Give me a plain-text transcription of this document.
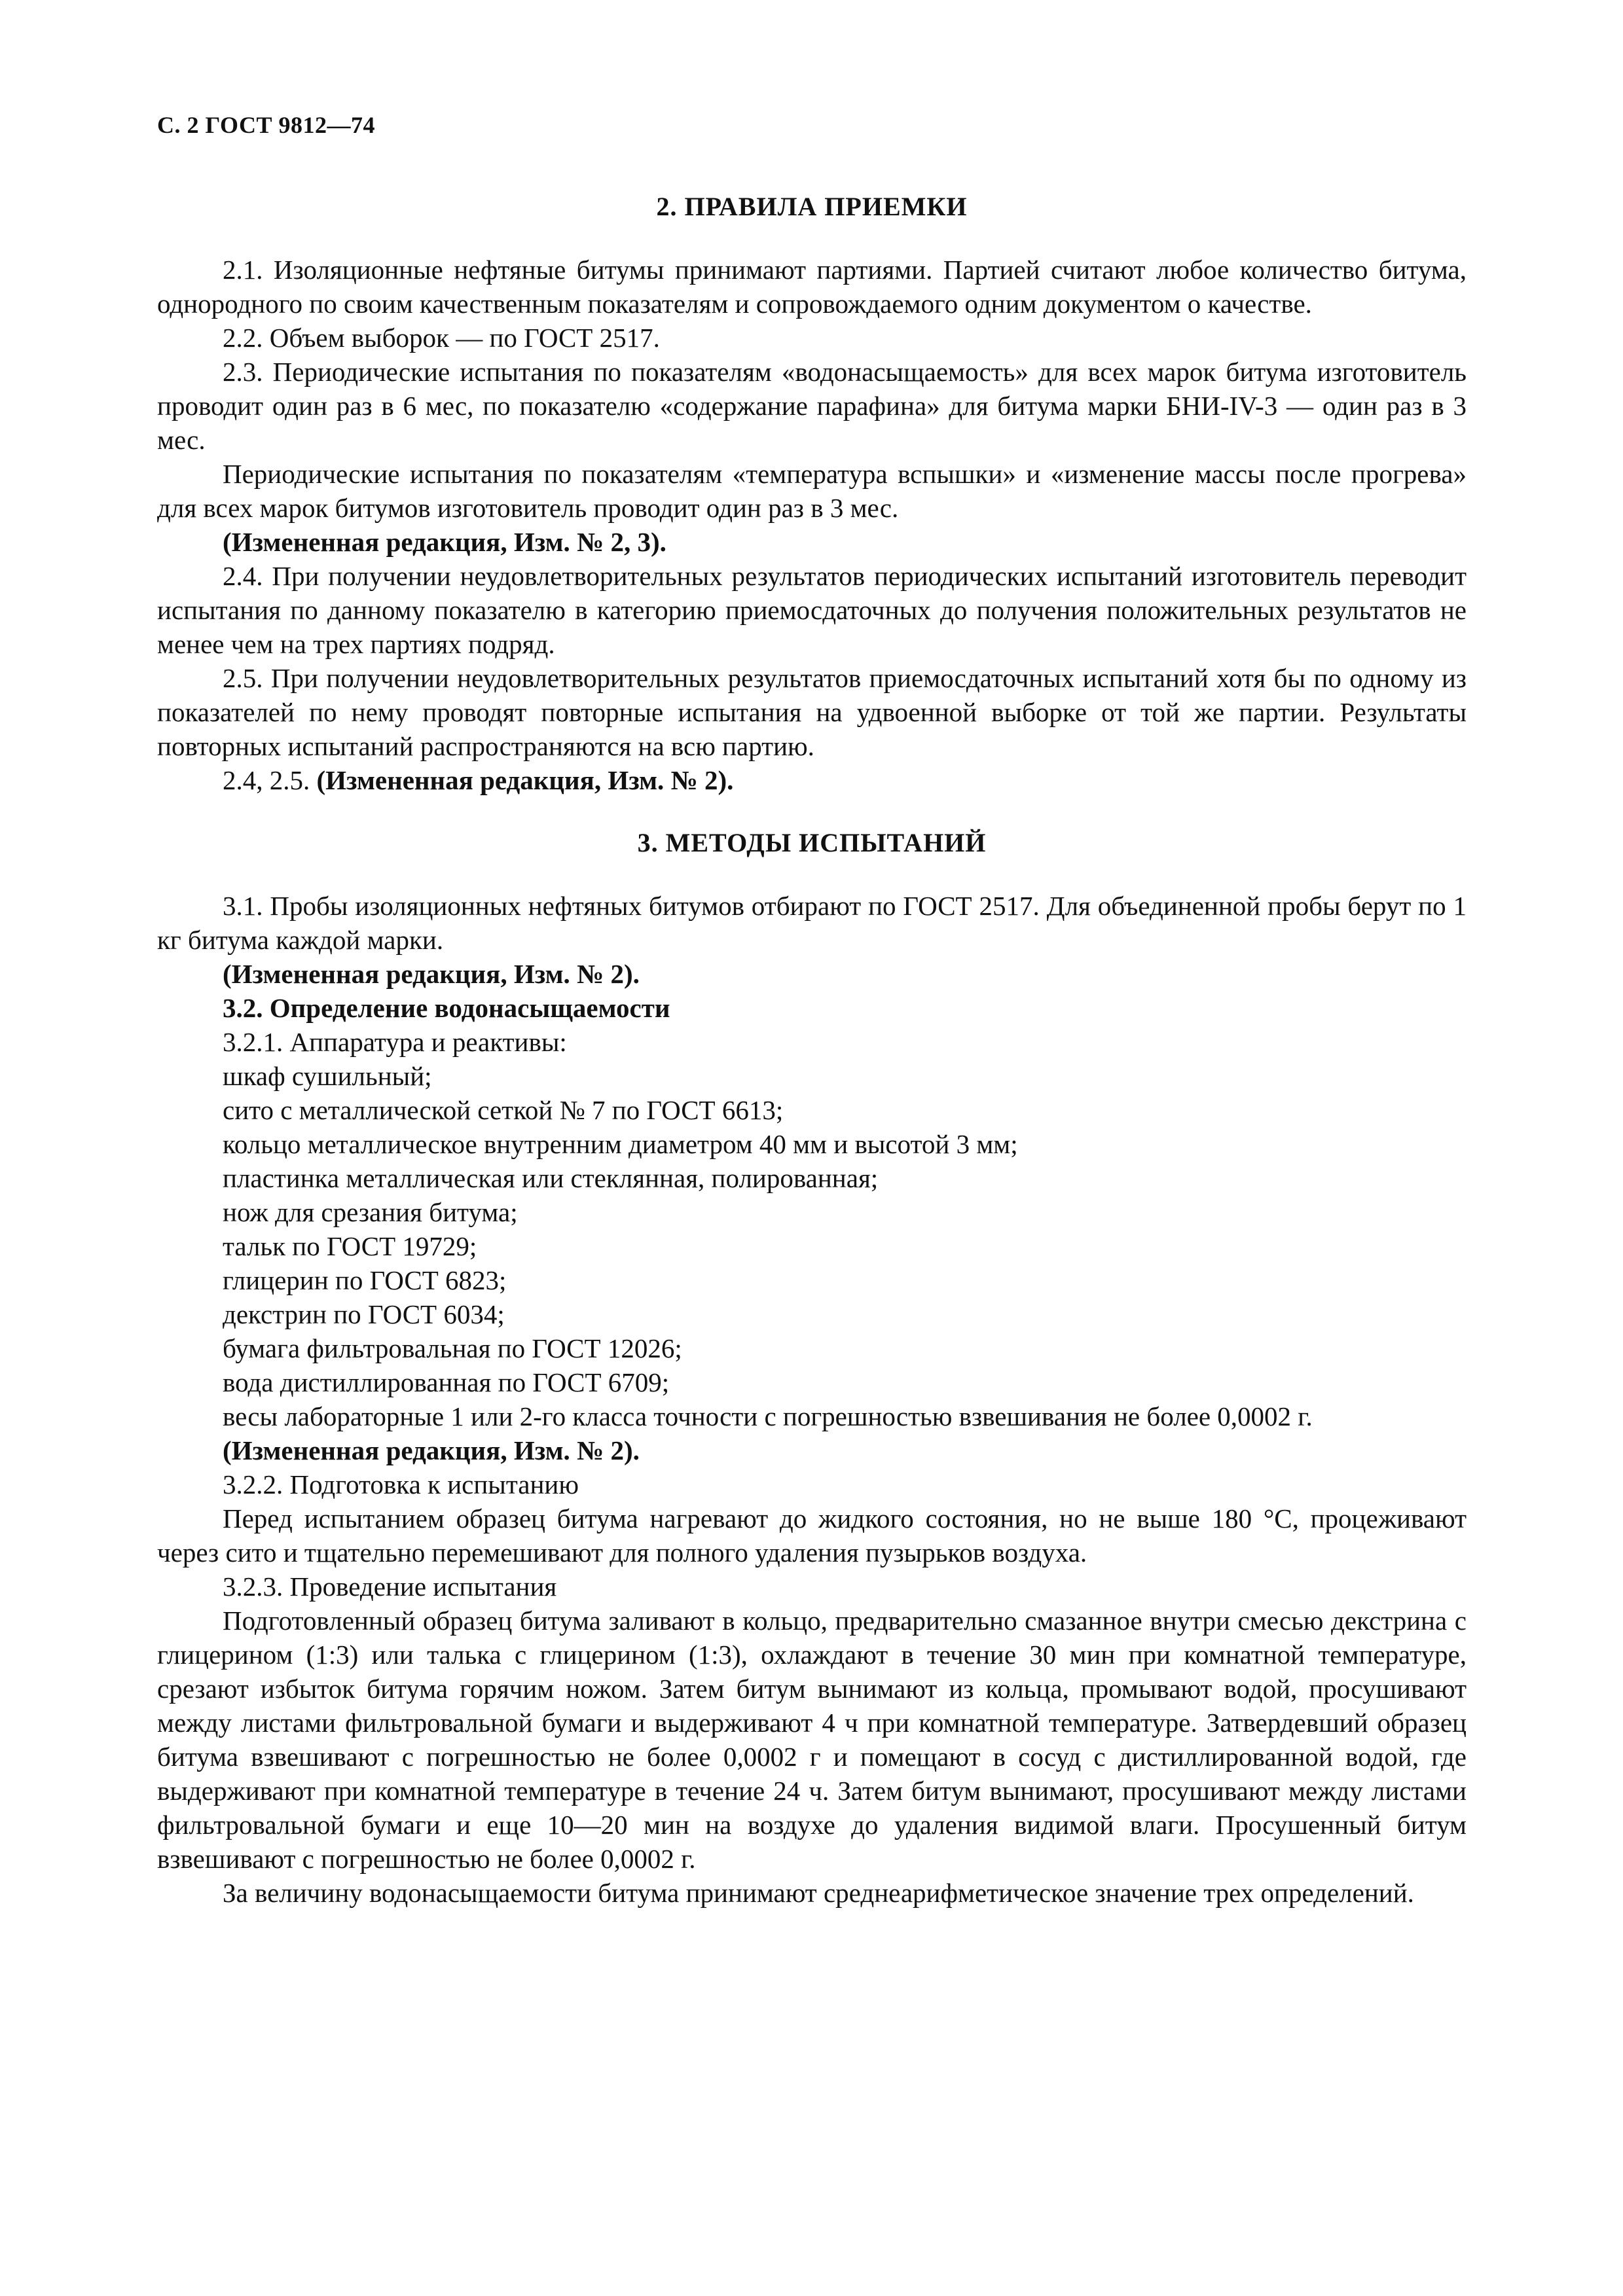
С. 2 ГОСТ 9812—74

2. ПРАВИЛА ПРИЕМКИ

2.1. Изоляционные нефтяные битумы принимают партиями. Партией считают любое количество битума, однородного по своим качественным показателям и сопровождаемого одним документом о качестве.

2.2. Объем выборок — по ГОСТ 2517.

2.3. Периодические испытания по показателям «водонасыщаемость» для всех марок битума изготовитель проводит один раз в 6 мес, по показателю «содержание парафина» для битума марки БНИ-IV-3 — один раз в 3 мес.

Периодические испытания по показателям «температура вспышки» и «изменение массы после прогрева» для всех марок битумов изготовитель проводит один раз в 3 мес.

(Измененная редакция, Изм. № 2, 3).

2.4. При получении неудовлетворительных результатов периодических испытаний изготовитель переводит испытания по данному показателю в категорию приемосдаточных до получения положительных результатов не менее чем на трех партиях подряд.

2.5. При получении неудовлетворительных результатов приемосдаточных испытаний хотя бы по одному из показателей по нему проводят повторные испытания на удвоенной выборке от той же партии. Результаты повторных испытаний распространяются на всю партию.

2.4, 2.5. (Измененная редакция, Изм. № 2).

3. МЕТОДЫ ИСПЫТАНИЙ

3.1. Пробы изоляционных нефтяных битумов отбирают по ГОСТ 2517. Для объединенной пробы берут по 1 кг битума каждой марки.

(Измененная редакция, Изм. № 2).

3.2. Определение водонасыщаемости

3.2.1. Аппаратура и реактивы:

шкаф сушильный;

сито с металлической сеткой № 7 по ГОСТ 6613;

кольцо металлическое внутренним диаметром 40 мм и высотой 3 мм;

пластинка металлическая или стеклянная, полированная;

нож для срезания битума;

тальк по ГОСТ 19729;

глицерин по ГОСТ 6823;

декстрин по ГОСТ 6034;

бумага фильтровальная по ГОСТ 12026;

вода дистиллированная по ГОСТ 6709;

весы лабораторные 1 или 2-го класса точности с погрешностью взвешивания не более 0,0002 г.

(Измененная редакция, Изм. № 2).

3.2.2. Подготовка к испытанию

Перед испытанием образец битума нагревают до жидкого состояния, но не выше 180 °С, процеживают через сито и тщательно перемешивают для полного удаления пузырьков воздуха.

3.2.3. Проведение испытания

Подготовленный образец битума заливают в кольцо, предварительно смазанное внутри смесью декстрина с глицерином (1:3) или талька с глицерином (1:3), охлаждают в течение 30 мин при комнатной температуре, срезают избыток битума горячим ножом. Затем битум вынимают из кольца, промывают водой, просушивают между листами фильтровальной бумаги и выдерживают 4 ч при комнатной температуре. Затвердевший образец битума взвешивают с погрешностью не более 0,0002 г и помещают в сосуд с дистиллированной водой, где выдерживают при комнатной температуре в течение 24 ч. Затем битум вынимают, просушивают между листами фильтровальной бумаги и еще 10—20 мин на воздухе до удаления видимой влаги. Просушенный битум взвешивают с погрешностью не более 0,0002 г.

За величину водонасыщаемости битума принимают среднеарифметическое значение трех определений.
